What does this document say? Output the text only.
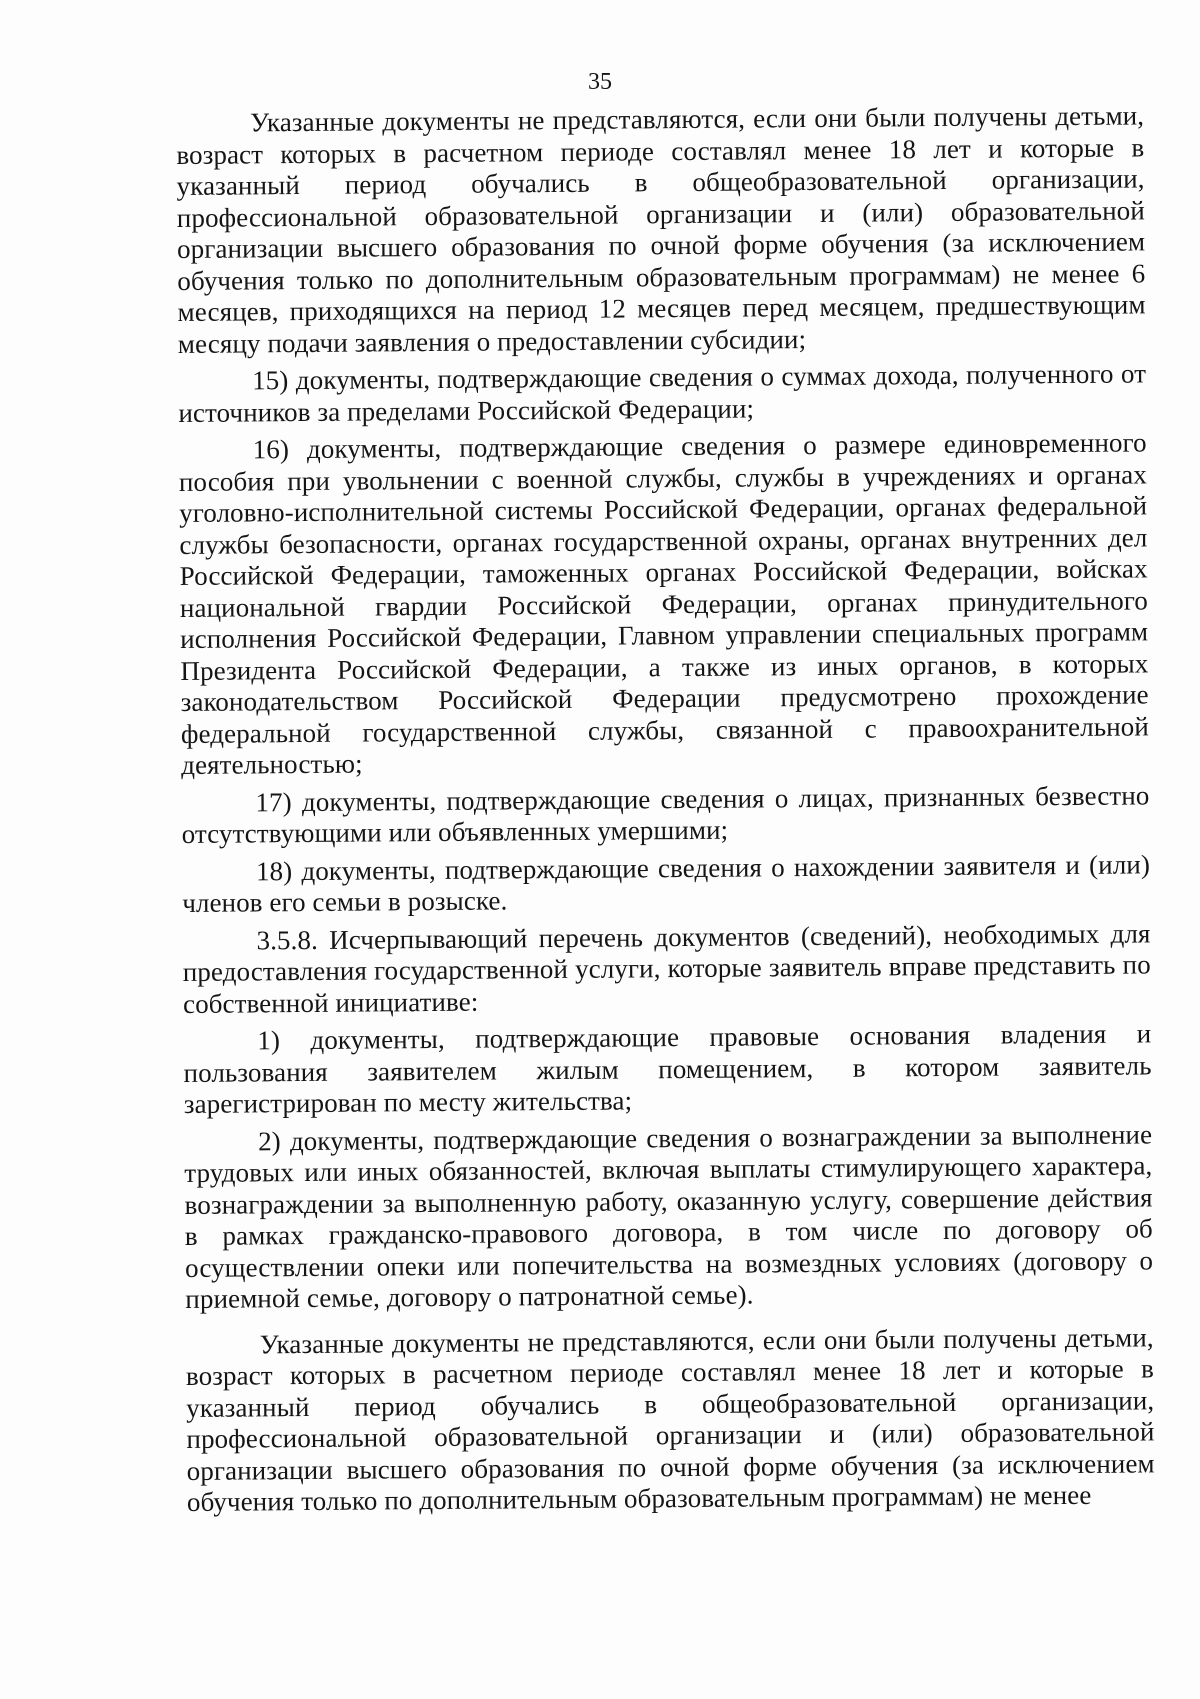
35

Указанные документы не представляются, если они были получены детьми, возраст которых в расчетном периоде составлял менее 18 лет и которые в указанный период обучались в общеобразовательной организации, профессиональной образовательной организации и (или) образовательной организации высшего образования по очной форме обучения (за исключением обучения только по дополнительным образовательным программам) не менее 6 месяцев, приходящихся на период 12 месяцев перед месяцем, предшествующим месяцу подачи заявления о предоставлении субсидии;

15) документы, подтверждающие сведения о суммах дохода, полученного от источников за пределами Российской Федерации;

16) документы, подтверждающие сведения о размере единовременного пособия при увольнении с военной службы, службы в учреждениях и органах уголовно-исполнительной системы Российской Федерации, органах федеральной службы безопасности, органах государственной охраны, органах внутренних дел Российской Федерации, таможенных органах Российской Федерации, войсках национальной гвардии Российской Федерации, органах принудительного исполнения Российской Федерации, Главном управлении специальных программ Президента Российской Федерации, а также из иных органов, в которых законодательством Российской Федерации предусмотрено прохождение федеральной государственной службы, связанной с правоохранительной деятельностью;

17) документы, подтверждающие сведения о лицах, признанных безвестно отсутствующими или объявленных умершими;

18) документы, подтверждающие сведения о нахождении заявителя и (или) членов его семьи в розыске.

3.5.8. Исчерпывающий перечень документов (сведений), необходимых для предоставления государственной услуги, которые заявитель вправе представить по собственной инициативе:

1) документы, подтверждающие правовые основания владения и пользования заявителем жилым помещением, в котором заявитель зарегистрирован по месту жительства;

2) документы, подтверждающие сведения о вознаграждении за выполнение трудовых или иных обязанностей, включая выплаты стимулирующего характера, вознаграждении за выполненную работу, оказанную услугу, совершение действия в рамках гражданско-правового договора, в том числе по договору об осуществлении опеки или попечительства на возмездных условиях (договору о приемной семье, договору о патронатной семье).

Указанные документы не представляются, если они были получены детьми, возраст которых в расчетном периоде составлял менее 18 лет и которые в указанный период обучались в общеобразовательной организации, профессиональной образовательной организации и (или) образовательной организации высшего образования по очной форме обучения (за исключением обучения только по дополнительным образовательным программам) не менее
